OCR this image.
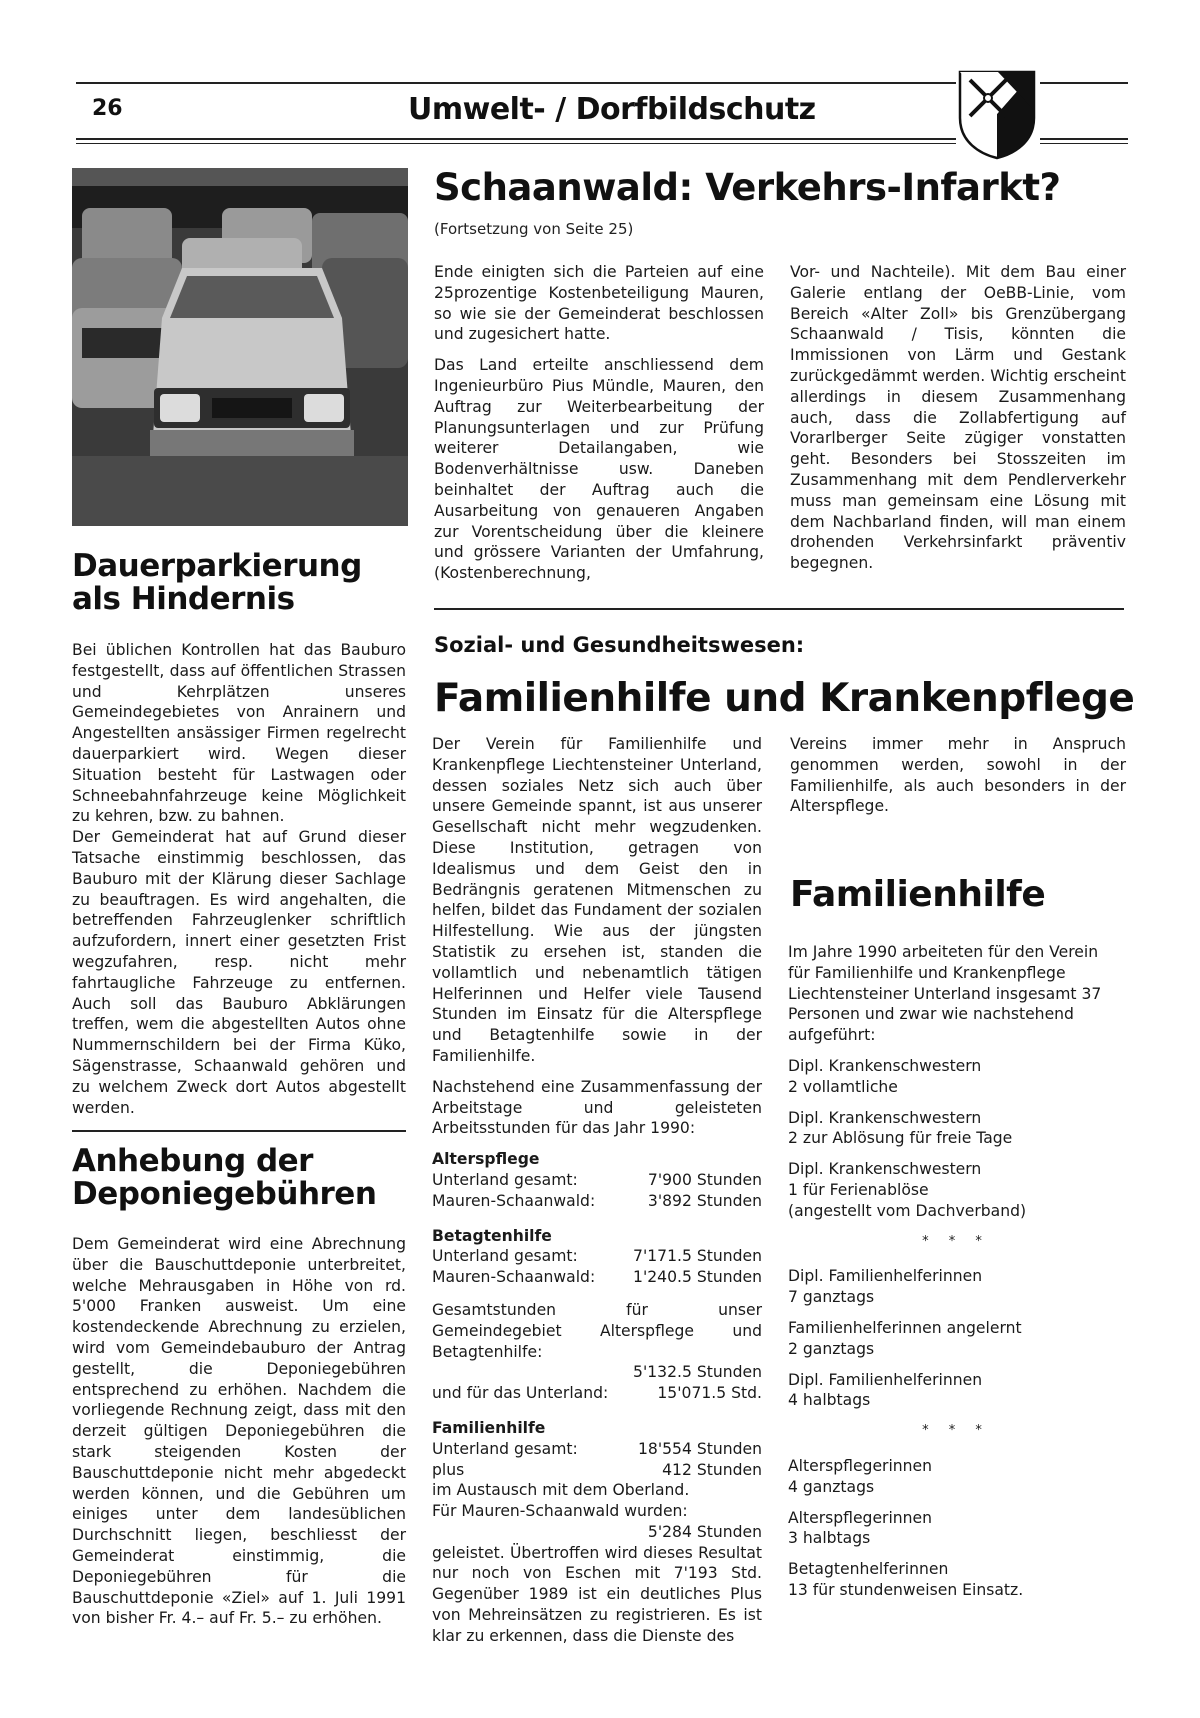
26	Umwelt- / Dorfbildschutz
Schaanwald: Verkehrs-Infarkt?
(Fortsetzung von Seite 25)

Ende einigten sich die Parteien auf eine 25prozentige Kostenbeteiligung Mauren, so wie sie der Gemeinderat beschlossen und zugesichert hatte.

Das Land erteilte anschliessend dem Ingenieurbüro Pius Mündle, Mauren, den Auftrag zur Weiterbearbeitung der Planungsunterlagen und zur Prüfung weiterer Detailangaben, wie Bodenverhältnisse usw. Daneben beinhaltet der Auftrag auch die Ausarbeitung von genaueren Angaben zur Vorentscheidung über die kleinere und grössere Varianten der Umfahrung, (Kostenberechnung,

Vor- und Nachteile). Mit dem Bau einer Galerie entlang der OeBB-Linie, vom Bereich «Alter Zoll» bis Grenzübergang Schaanwald / Tisis, könnten die Immissionen von Lärm und Gestank zurückgedämmt werden. Wichtig erscheint allerdings in diesem Zusammenhang auch, dass die Zollabfertigung auf Vorarlberger Seite zügiger vonstatten geht. Besonders bei Stosszeiten im Zusammenhang mit dem Pendlerverkehr muss man gemeinsam eine Lösung mit dem Nachbarland finden, will man einem drohenden Verkehrsinfarkt präventiv begegnen.

Dauerparkierung
als Hindernis

Bei üblichen Kontrollen hat das Bauburo festgestellt, dass auf öffentlichen Strassen und Kehrplätzen unseres Gemeindegebietes von Anrainern und Angestellten ansässiger Firmen regelrecht dauerparkiert wird. Wegen dieser Situation besteht für Lastwagen oder Schneebahnfahrzeuge keine Möglichkeit zu kehren, bzw. zu bahnen.

Der Gemeinderat hat auf Grund dieser Tatsache einstimmig beschlossen, das Bauburo mit der Klärung dieser Sachlage zu beauftragen. Es wird angehalten, die betreffenden Fahrzeuglenker schriftlich aufzufordern, innert einer gesetzten Frist wegzufahren, resp. nicht mehr fahrtaugliche Fahrzeuge zu entfernen. Auch soll das Bauburo Abklärungen treffen, wem die abgestellten Autos ohne Nummernschildern bei der Firma Küko, Sägenstrasse, Schaanwald gehören und zu welchem Zweck dort Autos abgestellt werden.

Anhebung der
Deponiegebühren

Dem Gemeinderat wird eine Abrechnung über die Bauschuttdeponie unterbreitet, welche Mehrausgaben in Höhe von rd. 5'000 Franken ausweist. Um eine kostendeckende Abrechnung zu erzielen, wird vom Gemeindebauburo der Antrag gestellt, die Deponiegebühren entsprechend zu erhöhen. Nachdem die vorliegende Rechnung zeigt, dass mit den derzeit gültigen Deponiegebühren die stark steigenden Kosten der Bauschuttdeponie nicht mehr abgedeckt werden können, und die Gebühren um einiges unter dem landesüblichen Durchschnitt liegen, beschliesst der Gemeinderat einstimmig, die Deponiegebühren für die Bauschuttdeponie «Ziel» auf 1. Juli 1991 von bisher Fr. 4.– auf Fr. 5.– zu erhöhen.

Sozial- und Gesundheitswesen:
Familienhilfe und Krankenpflege

Der Verein für Familienhilfe und Krankenpflege Liechtensteiner Unterland, dessen soziales Netz sich auch über unsere Gemeinde spannt, ist aus unserer Gesellschaft nicht mehr wegzudenken. Diese Institution, getragen von Idealismus und dem Geist den in Bedrängnis geratenen Mitmenschen zu helfen, bildet das Fundament der sozialen Hilfestellung. Wie aus der jüngsten Statistik zu ersehen ist, standen die vollamtlich und nebenamtlich tätigen Helferinnen und Helfer viele Tausend Stunden im Einsatz für die Alterspflege und Betagtenhilfe sowie in der Familienhilfe.

Nachstehend eine Zusammenfassung der Arbeitstage und geleisteten Arbeitsstunden für das Jahr 1990:

Alterspflege
Unterland gesamt:	7'900 Stunden
Mauren-Schaanwald:	3'892 Stunden
Betagtenhilfe
Unterland gesamt:	7'171.5 Stunden
Mauren-Schaanwald: 1'240.5 Stunden
Gesamtstunden für unser Gemeindegebiet Alterspflege und Betagtenhilfe:
5'132.5 Stunden
und für das Unterland:	15'071.5 Std.
Familienhilfe
Unterland gesamt:	18'554 Stunden
plus	412 Stunden
im Austausch mit dem Oberland.
Für Mauren-Schaanwald wurden:
5'284 Stunden

geleistet. Übertroffen wird dieses Resultat nur noch von Eschen mit 7'193 Std. Gegenüber 1989 ist ein deutliches Plus von Mehreinsätzen zu registrieren. Es ist klar zu erkennen, dass die Dienste des

Vereins immer mehr in Anspruch genommen werden, sowohl in der Familienhilfe, als auch besonders in der Alterspflege.

Familienhilfe

Im Jahre 1990 arbeiteten für den Verein für Familienhilfe und Krankenpflege Liechtensteiner Unterland insgesamt 37 Personen und zwar wie nachstehend aufgeführt:

Dipl. Krankenschwestern
2 vollamtliche

Dipl. Krankenschwestern
2 zur Ablösung für freie Tage

Dipl. Krankenschwestern
1 für Ferienablöse
(angestellt vom Dachverband)

* * *

Dipl. Familienhelferinnen
7 ganztags

Familienhelferinnen angelernt
2 ganztags

Dipl. Familienhelferinnen
4 halbtags

* * *

Alterspflegerinnen
4 ganztags

Alterspflegerinnen
3 halbtags

Betagtenhelferinnen
13 für stundenweisen Einsatz.
